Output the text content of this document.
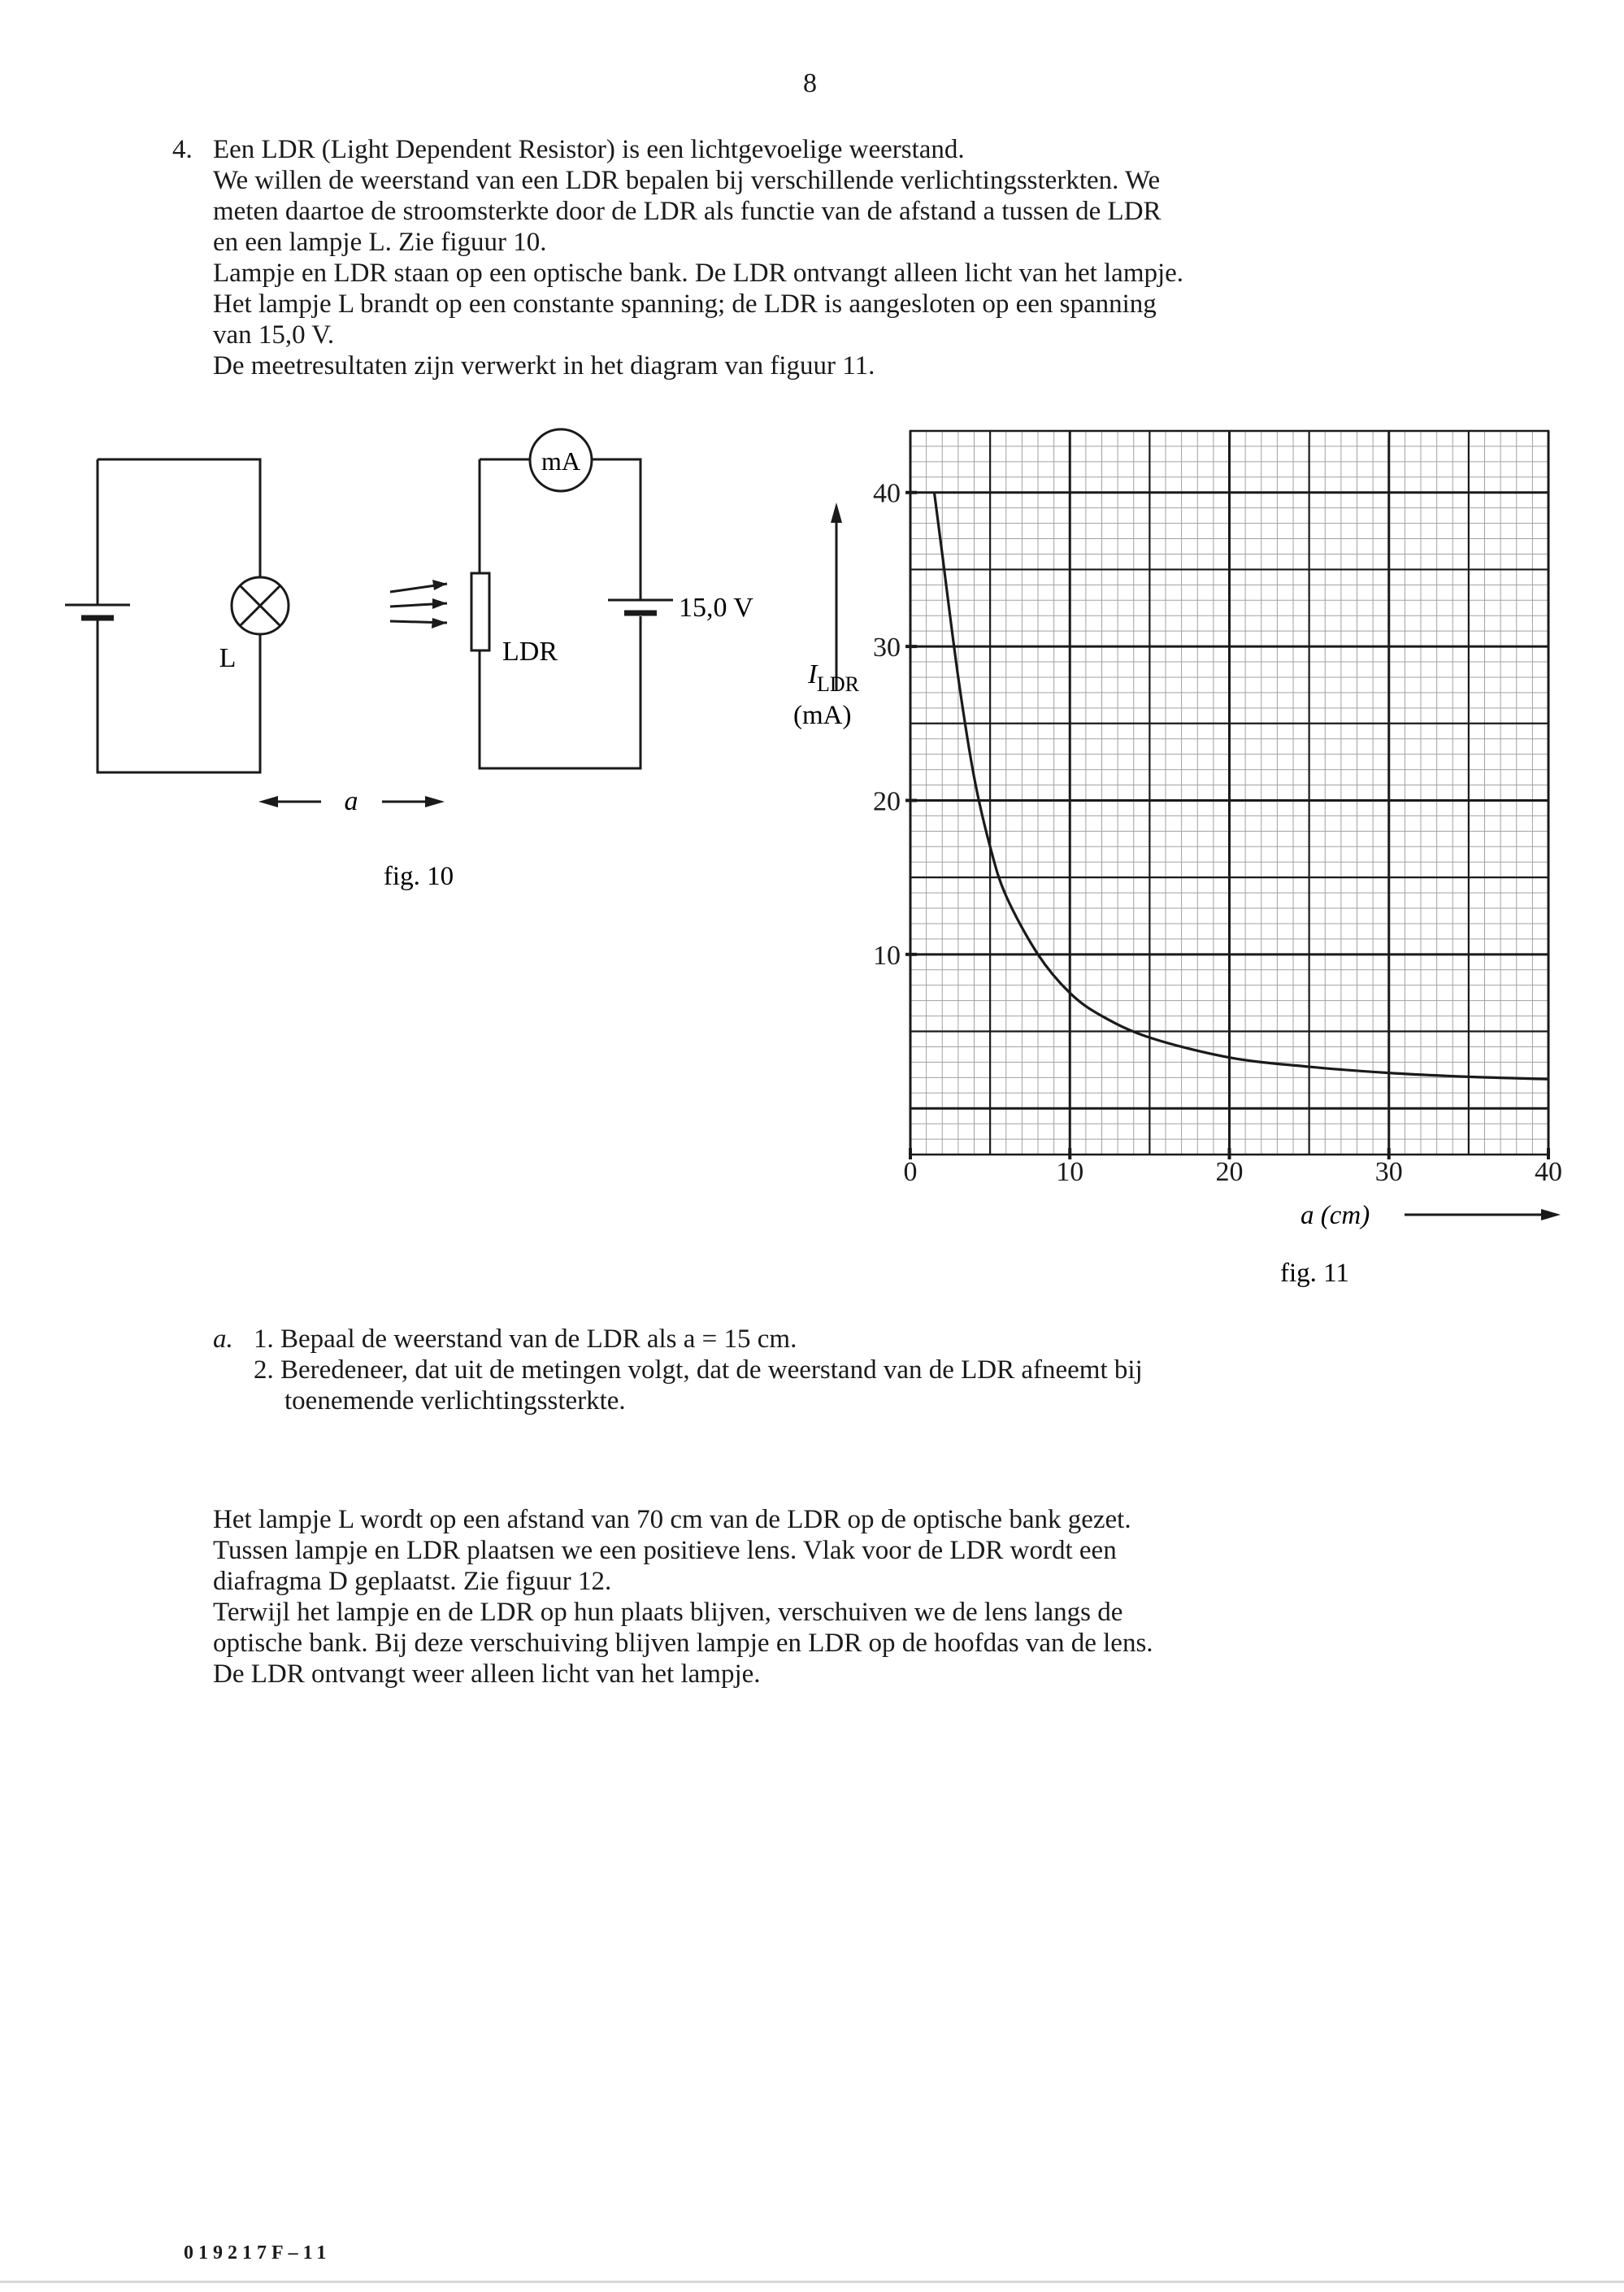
8
4. Een LDR (Light Dependent Resistor) is een lichtgevoelige weerstand.
We willen de weerstand van een LDR bepalen bij verschillende verlichtingssterkten. We
meten daartoe de stroomsterkte door de LDR als functie van de afstand a tussen de LDR
en een lampje L. Zie figuur 10.
Lampje en LDR staan op een optische bank. De LDR ontvangt alleen licht van het lampje.
Het lampje L brandt op een constante spanning; de LDR is aangesloten op een spanning
van 15,0 V.
De meetresultaten zijn verwerkt in het diagram van figuur 11.
mA
L	LDR
15,0 V
a
fig. 10
0	10	20	30	40
10
20
30
40
I LDR
(mA)
a (cm)
fig. 11
a. 1. Bepaal de weerstand van de LDR als a = 15 cm.
2. Beredeneer, dat uit de metingen volgt, dat de weerstand van de LDR afneemt bij
toenemende verlichtingssterkte.
Het lampje L wordt op een afstand van 70 cm van de LDR op de optische bank gezet.
Tussen lampje en LDR plaatsen we een positieve lens. Vlak voor de LDR wordt een
diafragma D geplaatst. Zie figuur 12.
Terwijl het lampje en de LDR op hun plaats blijven, verschuiven we de lens langs de
optische bank. Bij deze verschuiving blijven lampje en LDR op de hoofdas van de lens.
De LDR ontvangt weer alleen licht van het lampje.
019217F–11
